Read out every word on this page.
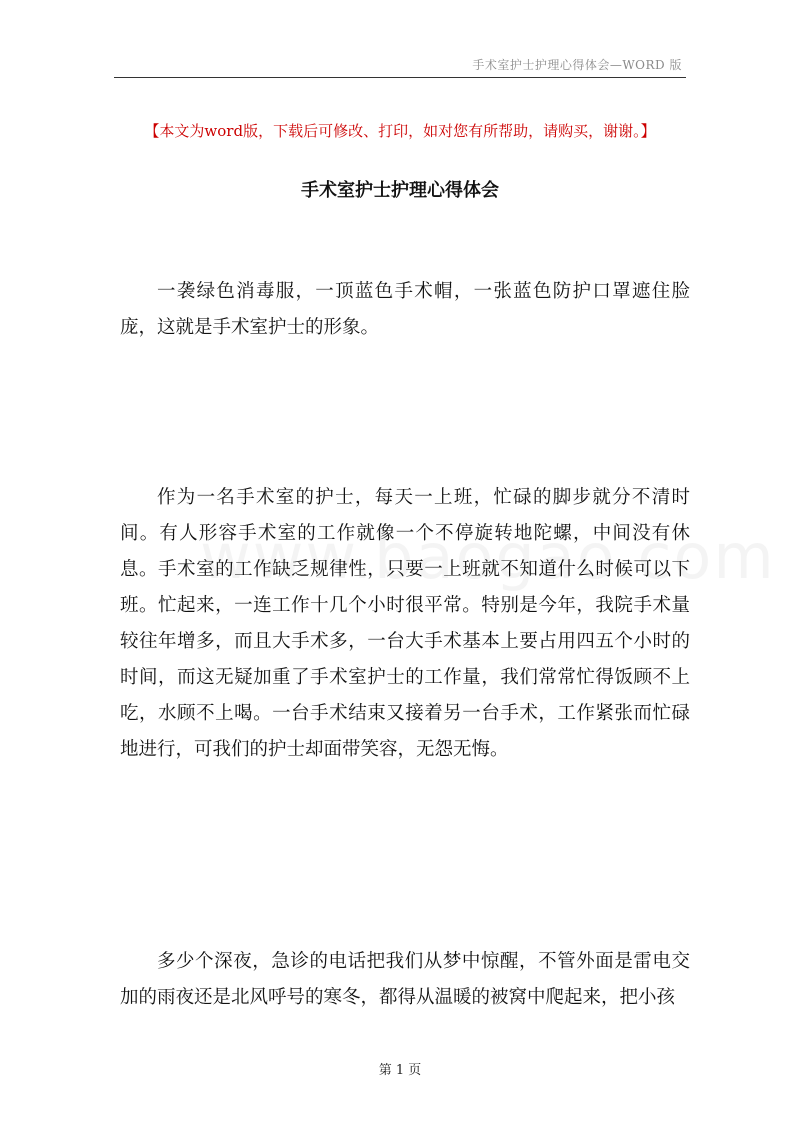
手术室护士护理心得体会—WORD 版
【本文为word版，下载后可修改、打印，如对您有所帮助，请购买，谢谢。】
手术室护士护理心得体会

一袭绿色消毒服，一顶蓝色手术帽，一张蓝色防护口罩遮住脸庞，这就是手术室护士的形象。

作为一名手术室的护士，每天一上班，忙碌的脚步就分不清时间。有人形容手术室的工作就像一个不停旋转地陀螺，中间没有休息。手术室的工作缺乏规律性，只要一上班就不知道什么时候可以下班。忙起来，一连工作十几个小时很平常。特别是今年，我院手术量较往年增多，而且大手术多，一台大手术基本上要占用四五个小时的时间，而这无疑加重了手术室护士的工作量，我们常常忙得饭顾不上吃，水顾不上喝。一台手术结束又接着另一台手术，工作紧张而忙碌地进行，可我们的护士却面带笑容，无怨无悔。

多少个深夜，急诊的电话把我们从梦中惊醒，不管外面是雷电交加的雨夜还是北风呼号的寒冬，都得从温暖的被窝中爬起来，把小孩

第 1 页
